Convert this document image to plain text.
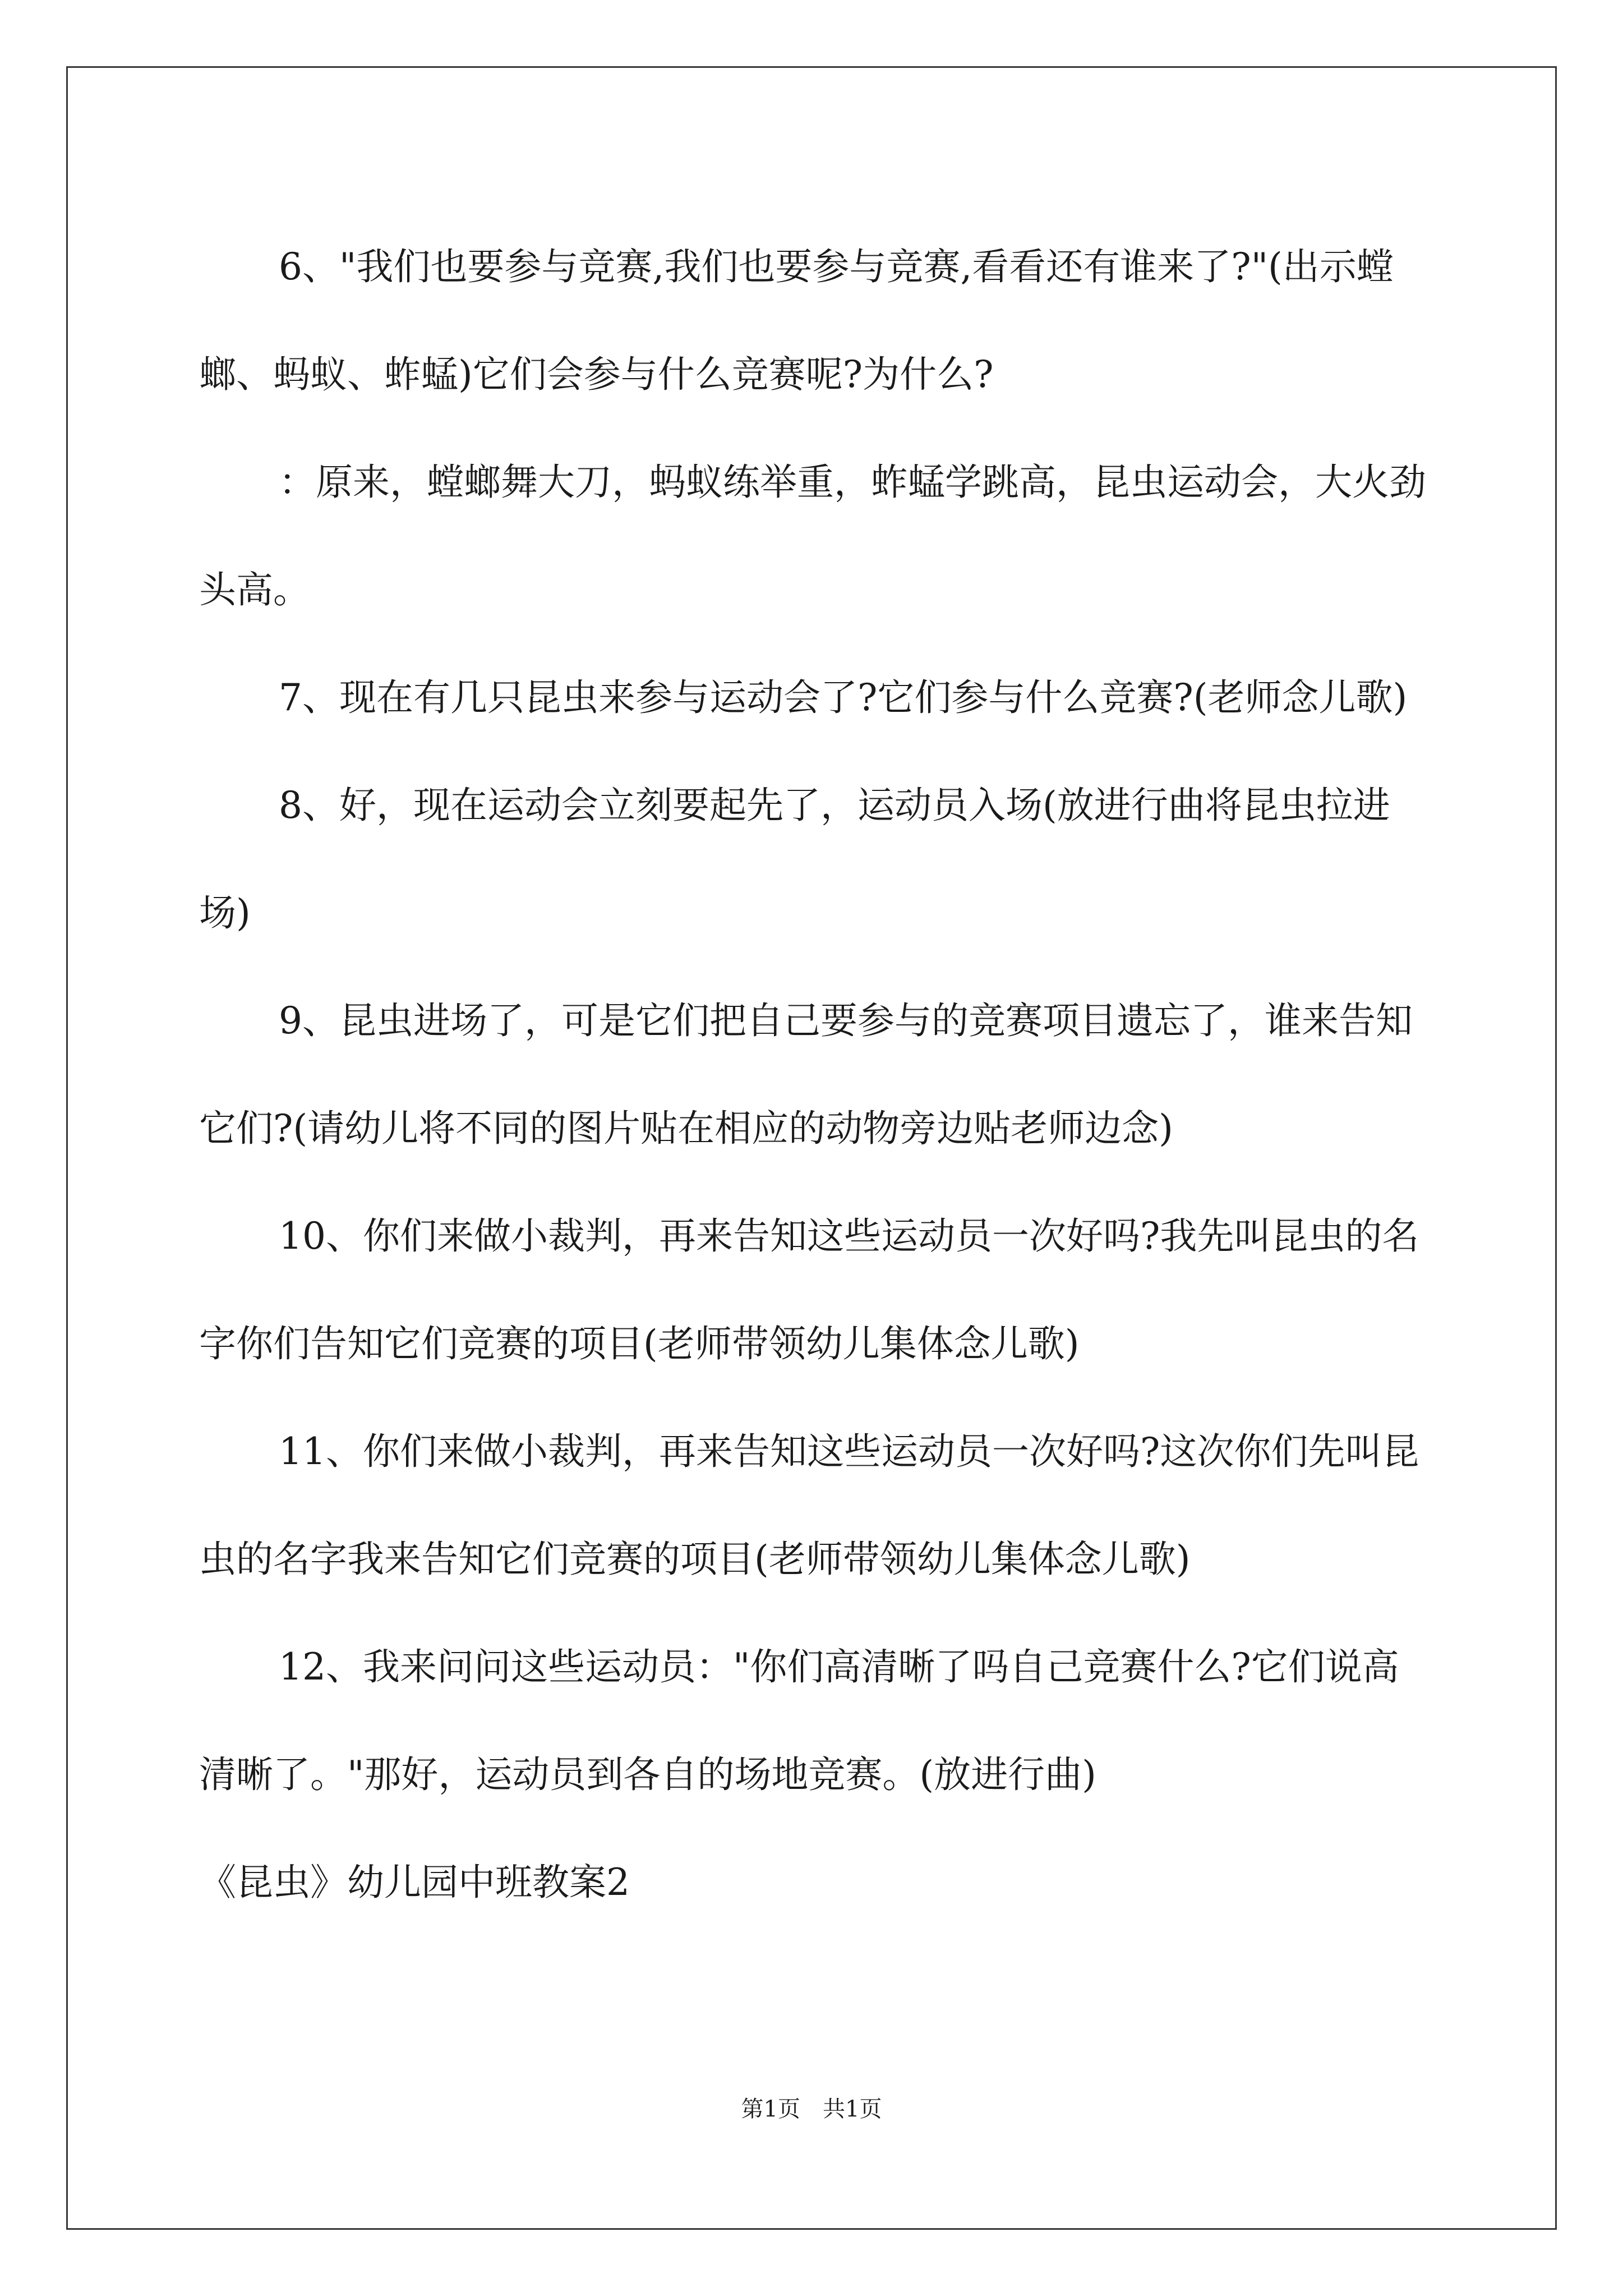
6、"我们也要参与竞赛,我们也要参与竞赛,看看还有谁来了?"(出示螳螂、蚂蚁、蚱蜢)它们会参与什么竞赛呢?为什么?

：原来，螳螂舞大刀，蚂蚁练举重，蚱蜢学跳高，昆虫运动会，大火劲头高。

7、现在有几只昆虫来参与运动会了?它们参与什么竞赛?(老师念儿歌)

8、好，现在运动会立刻要起先了，运动员入场(放进行曲将昆虫拉进场)

9、昆虫进场了，可是它们把自己要参与的竞赛项目遗忘了，谁来告知它们?(请幼儿将不同的图片贴在相应的动物旁边贴老师边念)

10、你们来做小裁判，再来告知这些运动员一次好吗?我先叫昆虫的名字你们告知它们竞赛的项目(老师带领幼儿集体念儿歌)

11、你们来做小裁判，再来告知这些运动员一次好吗?这次你们先叫昆虫的名字我来告知它们竞赛的项目(老师带领幼儿集体念儿歌)

12、我来问问这些运动员："你们高清晰了吗自己竞赛什么?它们说高清晰了。"那好，运动员到各自的场地竞赛。(放进行曲)

《昆虫》幼儿园中班教案2

第1页　共1页
